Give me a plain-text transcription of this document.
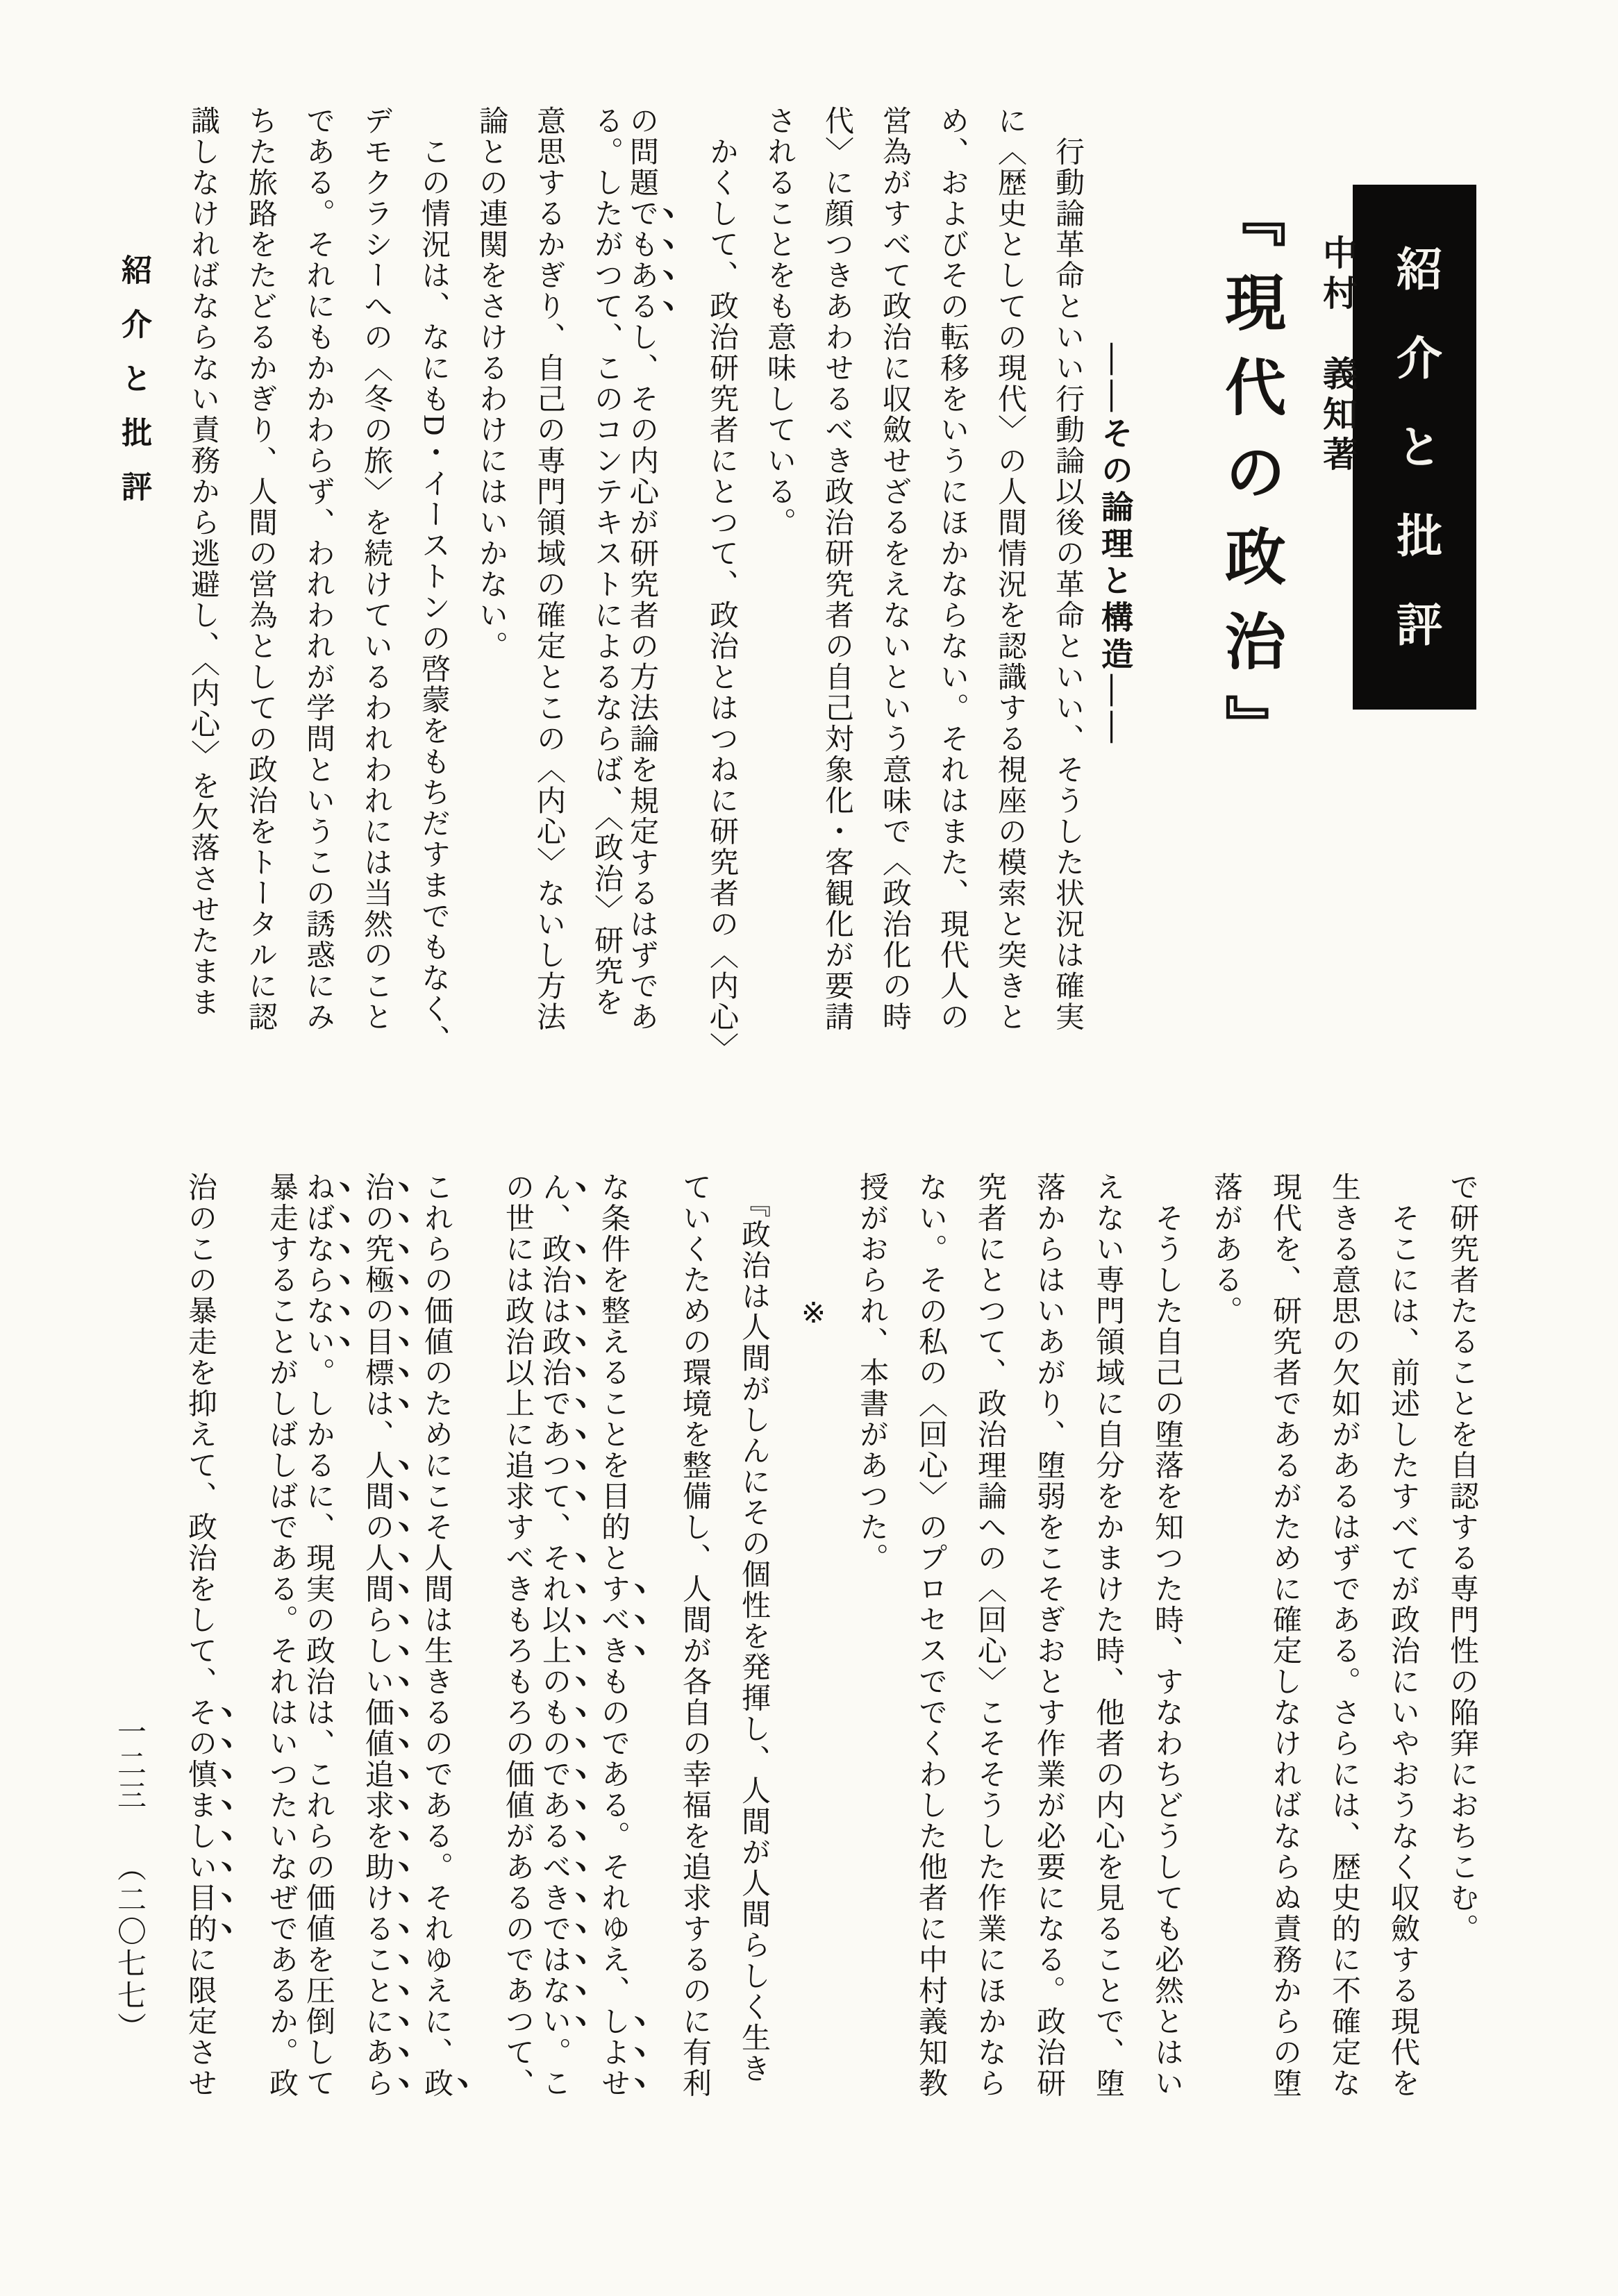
紹介と批評	紹介と批評
中村　義知著
『現代の政治』
――その論理と構造――
　行動論革命といい行動論以後の革命といい、そうした状況は確実
に〈歴史としての現代〉の人間情況を認識する視座の模索と突きと
め、およびその転移をいうにほかならない。それはまた、現代人の
営為がすべて政治に収斂せざるをえないという意味で〈政治化の時
代〉に顔つきあわせるべき政治研究者の自己対象化・客観化が要請
されることをも意味している。
　かくして、政治研究者にとつて、政治とはつねに研究者の〈内心〉
の問題でもあるし、その内心が研究者の方法論を規定するはずであ
る。したがつて、このコンテキストによるならば、〈政治〉研究を
意思するかぎり、自己の専門領域の確定とこの〈内心〉ないし方法
論との連関をさけるわけにはいかない。
　この情況は、なにもD・イーストンの啓蒙をもちだすまでもなく、
デモクラシーへの〈冬の旅〉を続けているわれわれには当然のこと
である。それにもかかわらず、われわれが学問というこの誘惑にみ
ちた旅路をたどるかぎり、人間の営為としての政治をトータルに認
識しなければならない責務から逃避し、〈内心〉を欠落させたまま
で研究者たることを自認する専門性の陥穽におちこむ。
　そこには、前述したすべてが政治にいやおうなく収斂する現代を
生きる意思の欠如があるはずである。さらには、歴史的に不確定な
現代を、研究者であるがために確定しなければならぬ責務からの堕
落がある。
　そうした自己の堕落を知つた時、すなわちどうしても必然とはい
えない専門領域に自分をかまけた時、他者の内心を見ることで、堕
落からはいあがり、堕弱をこそぎおとす作業が必要になる。政治研
究者にとつて、政治理論への〈回心〉こそそうした作業にほかなら
ない。その私の〈回心〉のプロセスででくわした他者に中村義知教
授がおられ、本書があつた。
※
　『政治は人間がしんにその個性を発揮し、人間が人間らしく生き
ていくための環境を整備し、人間が各自の幸福を追求するのに有利
な条件を整えることを目的とすべきものである。それゆえ、しよせ
ん、政治は政治であつて、それ以上のものであるべきではない。こ
の世には政治以上に追求すべきもろもろの価値があるのであつて、
これらの価値のためにこそ人間は生きるのである。それゆえに、政
治の究極の目標は、人間の人間らしい価値追求を助けることにあら
ねばならない。しかるに、現実の政治は、これらの価値を圧倒して
暴走することがしばしばである。それはいつたいなぜであるか。政
治のこの暴走を抑えて、政治をして、その慎ましい目的に限定させ
一二三（二〇七七）
